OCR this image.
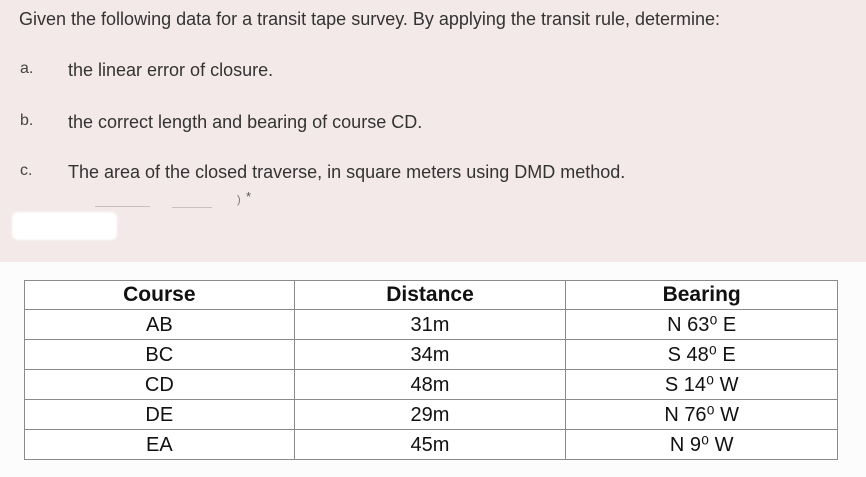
Given the following data for a transit tape survey. By applying the transit rule, determine:
a. the linear error of closure.
b. the correct length and bearing of course CD.
c. The area of the closed traverse, in square meters using DMD method.
) *
Course	Distance	Bearing
AB	31m	N 63⁰ E
BC	34m	S 48⁰ E
CD	48m	S 14⁰ W
DE	29m	N 76⁰ W
EA	45m	N 9⁰ W
